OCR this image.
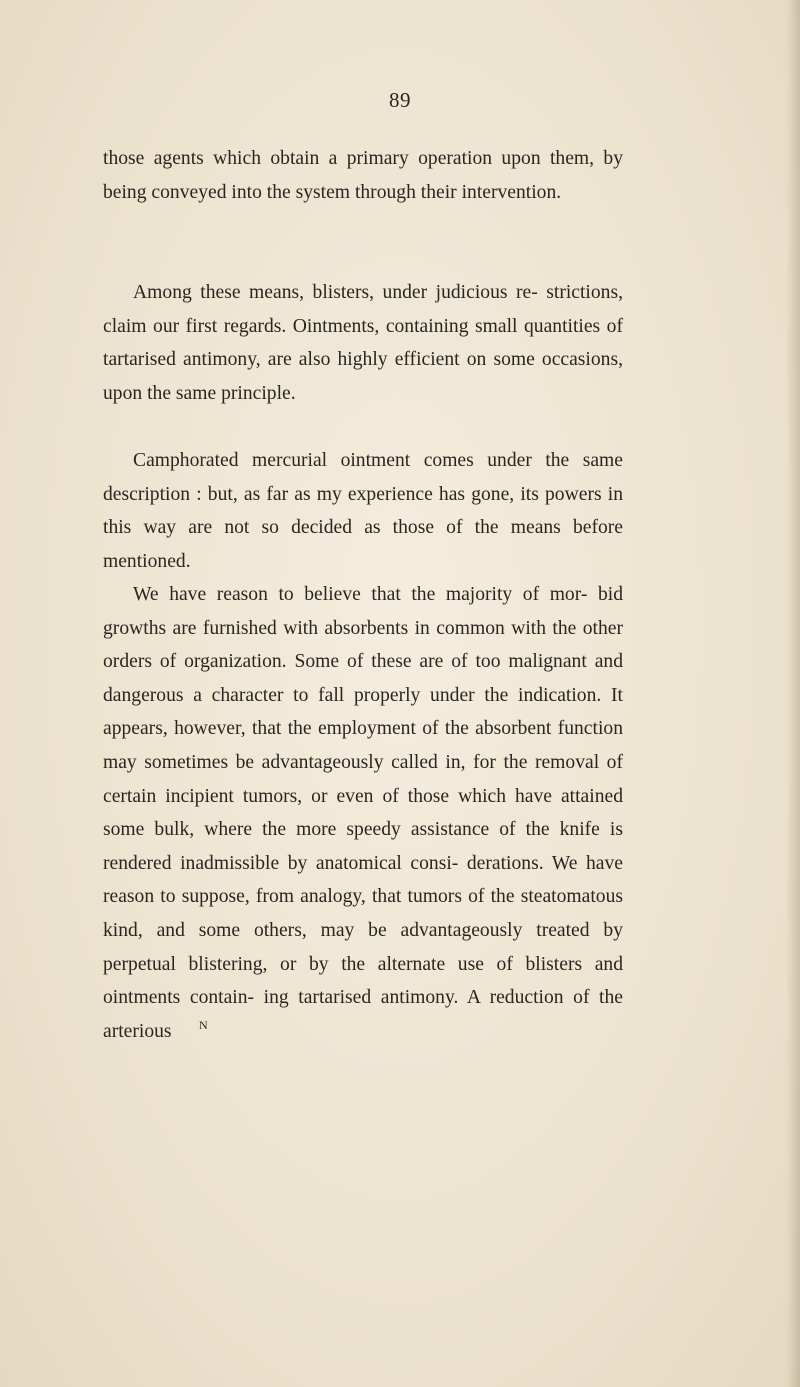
89

those agents which obtain a primary operation upon them, by being conveyed into the system through their intervention.

Among these means, blisters, under judicious re- strictions, claim our first regards. Ointments, containing small quantities of tartarised antimony, are also highly efficient on some occasions, upon the same principle.

Camphorated mercurial ointment comes under the same description : but, as far as my experience has gone, its powers in this way are not so decided as those of the means before mentioned.

We have reason to believe that the majority of mor- bid growths are furnished with absorbents in common with the other orders of organization. Some of these are of too malignant and dangerous a character to fall properly under the indication. It appears, however, that the employment of the absorbent function may sometimes be advantageously called in, for the removal of certain incipient tumors, or even of those which have attained some bulk, where the more speedy assistance of the knife is rendered inadmissible by anatomical consi- derations. We have reason to suppose, from analogy, that tumors of the steatomatous kind, and some others, may be advantageously treated by perpetual blistering, or by the alternate use of blisters and ointments contain- ing tartarised antimony. A reduction of the arterious	N
